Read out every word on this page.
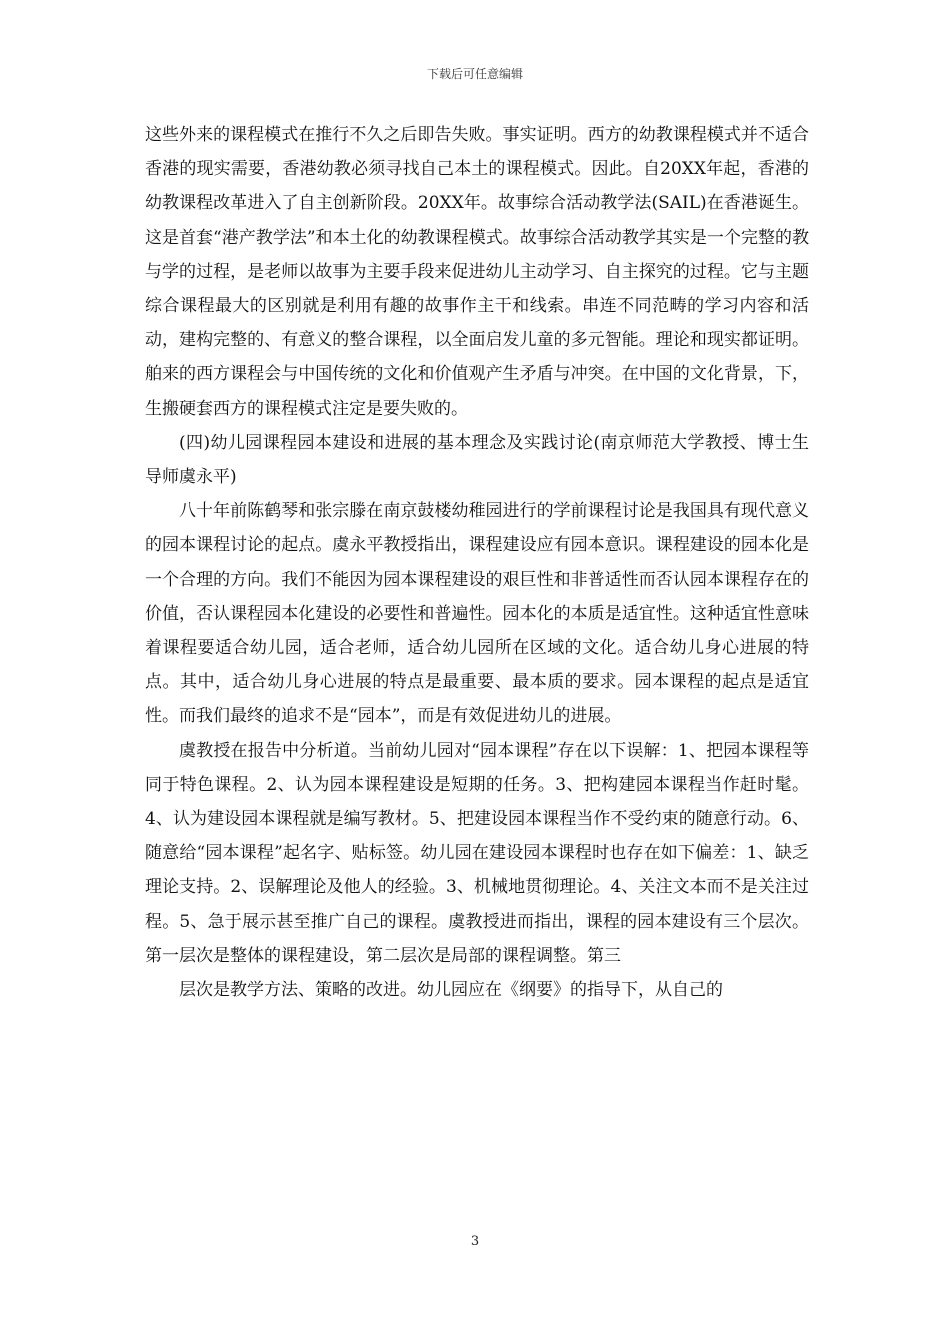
下载后可任意编辑

这些外来的课程模式在推行不久之后即告失败。事实证明。西方的幼教课程模式并不适合香港的现实需要，香港幼教必须寻找自己本土的课程模式。因此。自20XX年起，香港的幼教课程改革进入了自主创新阶段。20XX年。故事综合活动教学法(SAIL)在香港诞生。这是首套“港产教学法”和本土化的幼教课程模式。故事综合活动教学其实是一个完整的教与学的过程，是老师以故事为主要手段来促进幼儿主动学习、自主探究的过程。它与主题综合课程最大的区别就是利用有趣的故事作主干和线索。串连不同范畴的学习内容和活动，建构完整的、有意义的整合课程，以全面启发儿童的多元智能。理论和现实都证明。舶来的西方课程会与中国传统的文化和价值观产生矛盾与冲突。在中国的文化背景，下，生搬硬套西方的课程模式注定是要失败的。

(四)幼儿园课程园本建设和进展的基本理念及实践讨论(南京师范大学教授、博士生导师虞永平)

八十年前陈鹤琴和张宗滕在南京鼓楼幼稚园进行的学前课程讨论是我国具有现代意义的园本课程讨论的起点。虞永平教授指出，课程建设应有园本意识。课程建设的园本化是一个合理的方向。我们不能因为园本课程建设的艰巨性和非普适性而否认园本课程存在的价值，否认课程园本化建设的必要性和普遍性。园本化的本质是适宜性。这种适宜性意味着课程要适合幼儿园，适合老师，适合幼儿园所在区域的文化。适合幼儿身心进展的特点。其中，适合幼儿身心进展的特点是最重要、最本质的要求。园本课程的起点是适宜性。而我们最终的追求不是“园本”，而是有效促进幼儿的进展。

虞教授在报告中分析道。当前幼儿园对“园本课程”存在以下误解：1、把园本课程等同于特色课程。2、认为园本课程建设是短期的任务。3、把构建园本课程当作赶时髦。4、认为建设园本课程就是编写教材。5、把建设园本课程当作不受约束的随意行动。6、随意给“园本课程”起名字、贴标签。幼儿园在建设园本课程时也存在如下偏差：1、缺乏理论支持。2、误解理论及他人的经验。3、机械地贯彻理论。4、关注文本而不是关注过程。5、急于展示甚至推广自己的课程。虞教授进而指出，课程的园本建设有三个层次。第一层次是整体的课程建设，第二层次是局部的课程调整。第三

层次是教学方法、策略的改进。幼儿园应在《纲要》的指导下，从自己的

3
